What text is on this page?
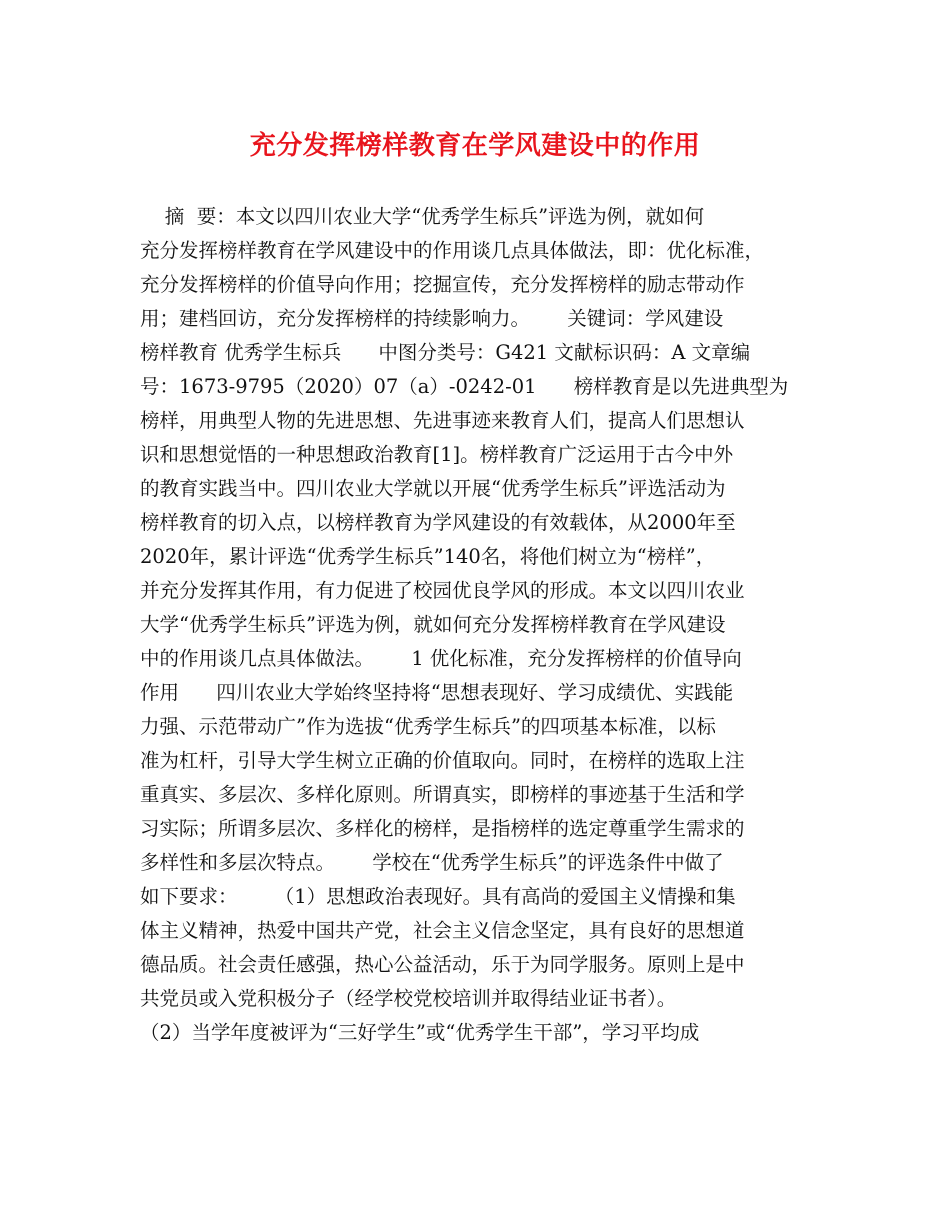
充分发挥榜样教育在学风建设中的作用
摘  要：本文以四川农业大学“优秀学生标兵”评选为例，就如何
充分发挥榜样教育在学风建设中的作用谈几点具体做法，即：优化标准，
充分发挥榜样的价值导向作用；挖掘宣传，充分发挥榜样的励志带动作
用；建档回访，充分发挥榜样的持续影响力。      关键词：学风建设
榜样教育 优秀学生标兵      中图分类号：G421 文献标识码：A 文章编
号：1673-9795（2020）07（a）-0242-01      榜样教育是以先进典型为
榜样，用典型人物的先进思想、先进事迹来教育人们，提高人们思想认
识和思想觉悟的一种思想政治教育[1]。榜样教育广泛运用于古今中外
的教育实践当中。四川农业大学就以开展“优秀学生标兵”评选活动为
榜样教育的切入点，以榜样教育为学风建设的有效载体，从2000年至
2020年，累计评选“优秀学生标兵”140名，将他们树立为“榜样”，
并充分发挥其作用，有力促进了校园优良学风的形成。本文以四川农业
大学“优秀学生标兵”评选为例，就如何充分发挥榜样教育在学风建设
中的作用谈几点具体做法。      1 优化标准，充分发挥榜样的价值导向
作用      四川农业大学始终坚持将“思想表现好、学习成绩优、实践能
力强、示范带动广”作为选拔“优秀学生标兵”的四项基本标准，以标
准为杠杆，引导大学生树立正确的价值取向。同时，在榜样的选取上注
重真实、多层次、多样化原则。所谓真实，即榜样的事迹基于生活和学
习实际；所谓多层次、多样化的榜样，是指榜样的选定尊重学生需求的
多样性和多层次特点。      学校在“优秀学生标兵”的评选条件中做了
如下要求：      （1）思想政治表现好。具有高尚的爱国主义情操和集
体主义精神，热爱中国共产党，社会主义信念坚定，具有良好的思想道
德品质。社会责任感强，热心公益活动，乐于为同学服务。原则上是中
共党员或入党积极分子（经学校党校培训并取得结业证书者）。
（2）当学年度被评为“三好学生”或“优秀学生干部”，学习平均成
